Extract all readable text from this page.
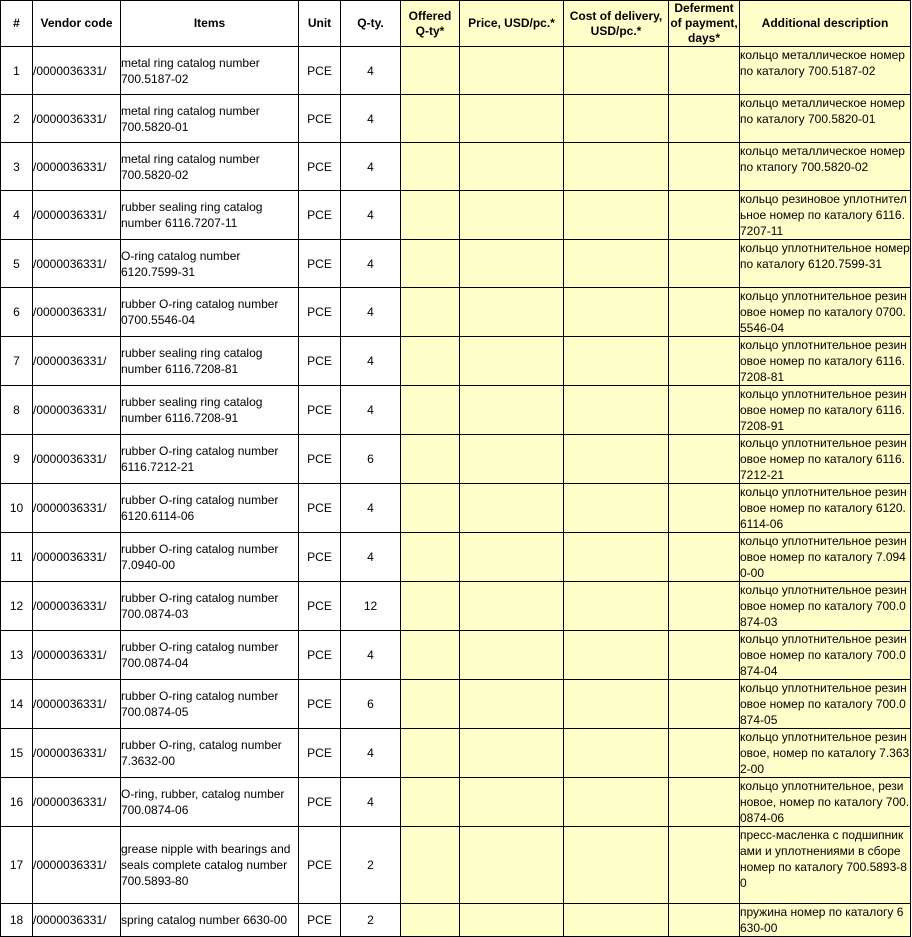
#	Vendor code	Items	Unit	Q-ty.	Offered Q-ty*	Price, USD/pc.*	Cost of delivery, USD/pc.*	Deferment of payment, days*	Additional description
1	/0000036331/	metal ring catalog number 700.5187-02	PCE	4					кольцо металлическое номер по каталогу 700.5187-02
2	/0000036331/	metal ring catalog number 700.5820-01	PCE	4					кольцо металлическое номер по каталогу 700.5820-01
3	/0000036331/	metal ring catalog number 700.5820-02	PCE	4					кольцо металлическое номер по ктапогу 700.5820-02
4	/0000036331/	rubber sealing ring catalog number 6116.7207-11	PCE	4					кольцо резиновое уплотнительное номер по каталогу 6116.7207-11
5	/0000036331/	O-ring catalog number 6120.7599-31	PCE	4					кольцо уплотнительное номер по каталогу 6120.7599-31
6	/0000036331/	rubber O-ring catalog number 0700.5546-04	PCE	4					кольцо уплотнительное резиновое номер по каталогу 0700.5546-04
7	/0000036331/	rubber sealing ring catalog number 6116.7208-81	PCE	4					кольцо уплотнительное резиновое номер по каталогу 6116.7208-81
8	/0000036331/	rubber sealing ring catalog number 6116.7208-91	PCE	4					кольцо уплотнительное резиновое номер по каталогу 6116.7208-91
9	/0000036331/	rubber O-ring catalog number 6116.7212-21	PCE	6					кольцо уплотнительное резиновое номер по каталогу 6116.7212-21
10	/0000036331/	rubber O-ring catalog number 6120.6114-06	PCE	4					кольцо уплотнительное резиновое номер по каталогу 6120.6114-06
11	/0000036331/	rubber O-ring catalog number 7.0940-00	PCE	4					кольцо уплотнительное резиновое номер по каталогу 7.0940-00
12	/0000036331/	rubber O-ring catalog number 700.0874-03	PCE	12					кольцо уплотнительное резиновое номер по каталогу 700.0874-03
13	/0000036331/	rubber O-ring catalog number 700.0874-04	PCE	4					кольцо уплотнительное резиновое номер по каталогу 700.0874-04
14	/0000036331/	rubber O-ring catalog number 700.0874-05	PCE	6					кольцо уплотнительное резиновое номер по каталогу 700.0874-05
15	/0000036331/	rubber O-ring, catalog number 7.3632-00	PCE	4					кольцо уплотнительное резиновое, номер по каталогу 7.3632-00
16	/0000036331/	O-ring, rubber, catalog number 700.0874-06	PCE	4					кольцо уплотнительное, резиновое, номер по каталогу 700.0874-06
17	/0000036331/	grease nipple with bearings and seals complete catalog number 700.5893-80	PCE	2					пресс-масленка с подшипниками и уплотнениями в сборе номер по каталогу 700.5893-80
18	/0000036331/	spring catalog number 6630-00	PCE	2					пружина номер по каталогу 6630-00
